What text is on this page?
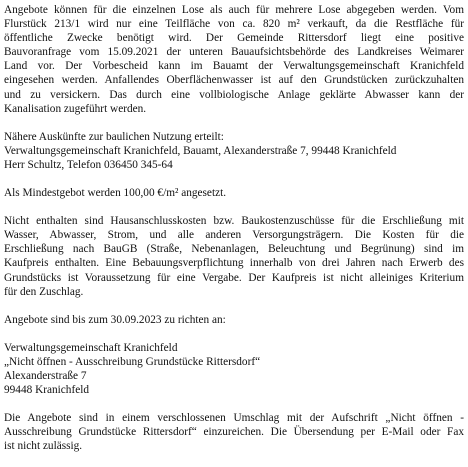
Angebote können für die einzelnen Lose als auch für mehrere Lose abgegeben werden. Vom
Flurstück 213/1 wird nur eine Teilfläche von ca. 820 m² verkauft, da die Restfläche für
öffentliche Zwecke benötigt wird. Der Gemeinde Rittersdorf liegt eine positive
Bauvoranfrage vom 15.09.2021 der unteren Bauaufsichtsbehörde des Landkreises Weimarer
Land vor. Der Vorbescheid kann im Bauamt der Verwaltungsgemeinschaft Kranichfeld
eingesehen werden. Anfallendes Oberflächenwasser ist auf den Grundstücken zurückzuhalten
und zu versickern. Das durch eine vollbiologische Anlage geklärte Abwasser kann der
Kanalisation zugeführt werden.
Nähere Auskünfte zur baulichen Nutzung erteilt:
Verwaltungsgemeinschaft Kranichfeld, Bauamt, Alexanderstraße 7, 99448 Kranichfeld
Herr Schultz, Telefon 036450 345-64
Als Mindestgebot werden 100,00 €/m² angesetzt.
Nicht enthalten sind Hausanschlusskosten bzw. Baukostenzuschüsse für die Erschließung mit
Wasser, Abwasser, Strom, und alle anderen Versorgungsträgern. Die Kosten für die
Erschließung nach BauGB (Straße, Nebenanlagen, Beleuchtung und Begrünung) sind im
Kaufpreis enthalten. Eine Bebauungsverpflichtung innerhalb von drei Jahren nach Erwerb des
Grundstücks ist Voraussetzung für eine Vergabe. Der Kaufpreis ist nicht alleiniges Kriterium
für den Zuschlag.
Angebote sind bis zum 30.09.2023 zu richten an:
Verwaltungsgemeinschaft Kranichfeld
„Nicht öffnen - Ausschreibung Grundstücke Rittersdorf“
Alexanderstraße 7
99448 Kranichfeld
Die Angebote sind in einem verschlossenen Umschlag mit der Aufschrift „Nicht öffnen -
Ausschreibung Grundstücke Rittersdorf“ einzureichen. Die Übersendung per E-Mail oder Fax
ist nicht zulässig.
